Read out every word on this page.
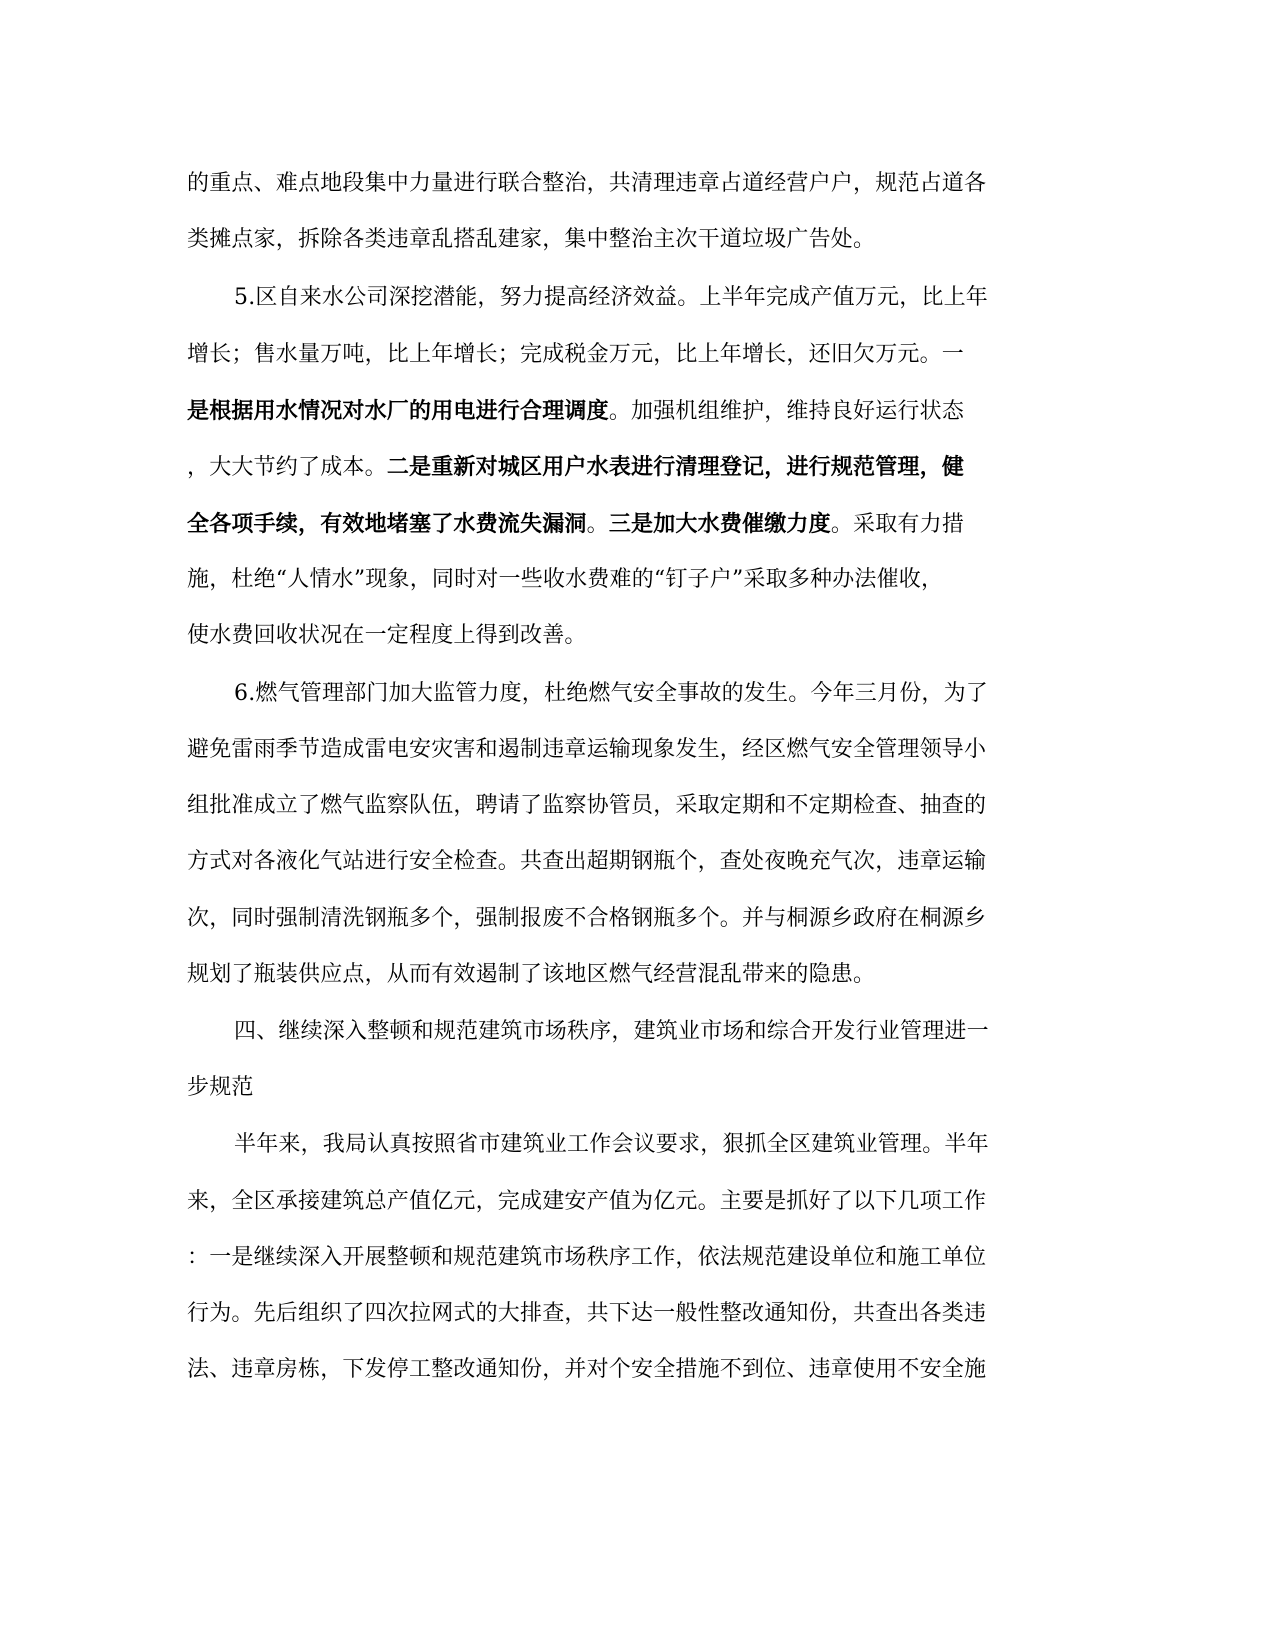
的重点、难点地段集中力量进行联合整治，共清理违章占道经营户户，规范占道各
类摊点家，拆除各类违章乱搭乱建家，集中整治主次干道垃圾广告处。
5.区自来水公司深挖潜能，努力提高经济效益。上半年完成产值万元，比上年
增长；售水量万吨，比上年增长；完成税金万元，比上年增长，还旧欠万元。一
是根据用水情况对水厂的用电进行合理调度。加强机组维护，维持良好运行状态
，大大节约了成本。二是重新对城区用户水表进行清理登记，进行规范管理，健
全各项手续，有效地堵塞了水费流失漏洞。三是加大水费催缴力度。采取有力措
施，杜绝“人情水”现象，同时对一些收水费难的“钉子户”采取多种办法催收，
使水费回收状况在一定程度上得到改善。
6.燃气管理部门加大监管力度，杜绝燃气安全事故的发生。今年三月份，为了
避免雷雨季节造成雷电安灾害和遏制违章运输现象发生，经区燃气安全管理领导小
组批准成立了燃气监察队伍，聘请了监察协管员，采取定期和不定期检查、抽查的
方式对各液化气站进行安全检查。共查出超期钢瓶个，查处夜晚充气次，违章运输
次，同时强制清洗钢瓶多个，强制报废不合格钢瓶多个。并与桐源乡政府在桐源乡
规划了瓶装供应点，从而有效遏制了该地区燃气经营混乱带来的隐患。
四、继续深入整顿和规范建筑市场秩序，建筑业市场和综合开发行业管理进一
步规范
半年来，我局认真按照省市建筑业工作会议要求，狠抓全区建筑业管理。半年
来，全区承接建筑总产值亿元，完成建安产值为亿元。主要是抓好了以下几项工作
：一是继续深入开展整顿和规范建筑市场秩序工作，依法规范建设单位和施工单位
行为。先后组织了四次拉网式的大排查，共下达一般性整改通知份，共查出各类违
法、违章房栋，下发停工整改通知份，并对个安全措施不到位、违章使用不安全施
